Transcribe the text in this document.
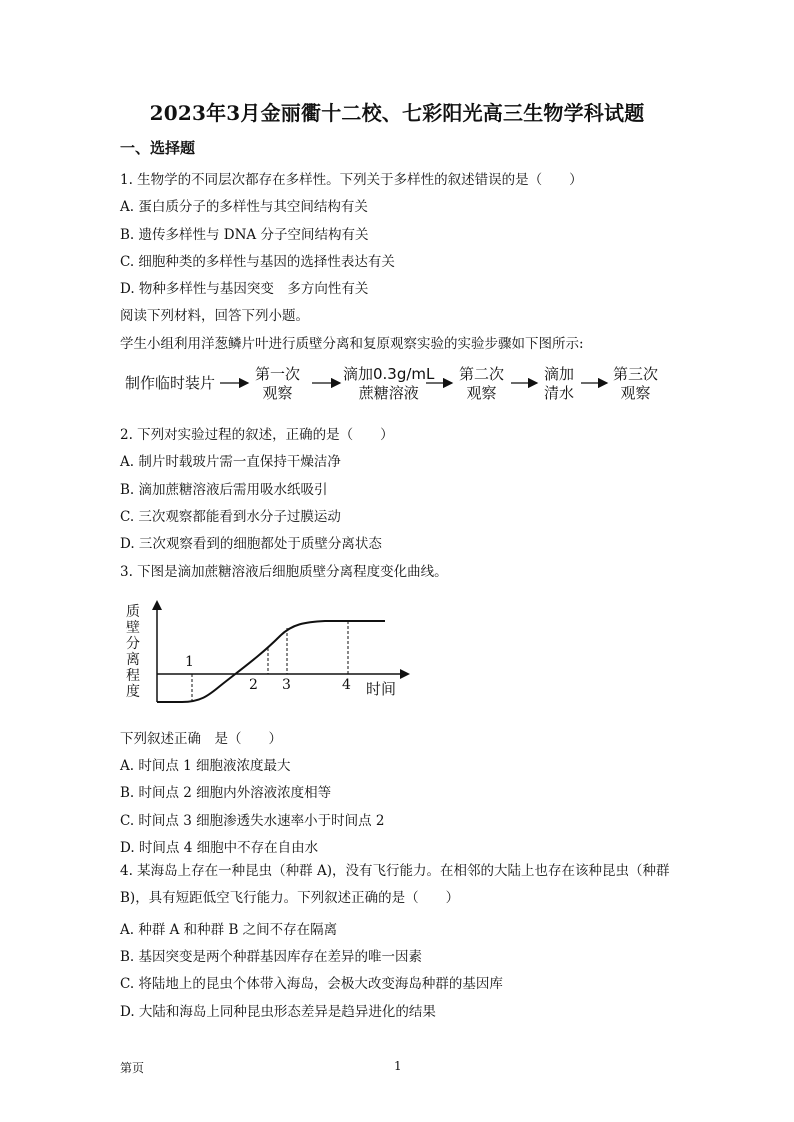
2023年3月金丽衢十二校、七彩阳光高三生物学科试题
一、选择题
1. 生物学的不同层次都存在多样性。下列关于多样性的叙述错误的是（　　）
A. 蛋白质分子的多样性与其空间结构有关
B. 遗传多样性与 DNA 分子空间结构有关
C. 细胞种类的多样性与基因的选择性表达有关
D. 物种多样性与基因突变　多方向性有关
阅读下列材料，回答下列小题。
学生小组利用洋葱鳞片叶进行质壁分离和复原观察实验的实验步骤如下图所示:
制作临时装片	第一次
观察
滴加0.3g/mL
蔗糖溶液
第二次
观察
滴加
清水
第三次
观察
2. 下列对实验过程的叙述，正确的是（　　）
A. 制片时载玻片需一直保持干燥洁净
B. 滴加蔗糖溶液后需用吸水纸吸引
C. 三次观察都能看到水分子过膜运动
D. 三次观察看到的细胞都处于质壁分离状态
3. 下图是滴加蔗糖溶液后细胞质壁分离程度变化曲线。
质壁分离程度
1
2 3	4 时间
下列叙述正确　是（　　）
A. 时间点 1 细胞液浓度最大
B. 时间点 2 细胞内外溶液浓度相等
C. 时间点 3 细胞渗透失水速率小于时间点 2
D. 时间点 4 细胞中不存在自由水
4. 某海岛上存在一种昆虫（种群 A)，没有飞行能力。在相邻的大陆上也存在该种昆虫（种群 B)，具有短距低空飞行能力。下列叙述正确的是（　　）
A. 种群 A 和种群 B 之间不存在隔离
B. 基因突变是两个种群基因库存在差异的唯一因素
C. 将陆地上的昆虫个体带入海岛，会极大改变海岛种群的基因库
D. 大陆和海岛上同种昆虫形态差异是趋异进化的结果
第页	1
